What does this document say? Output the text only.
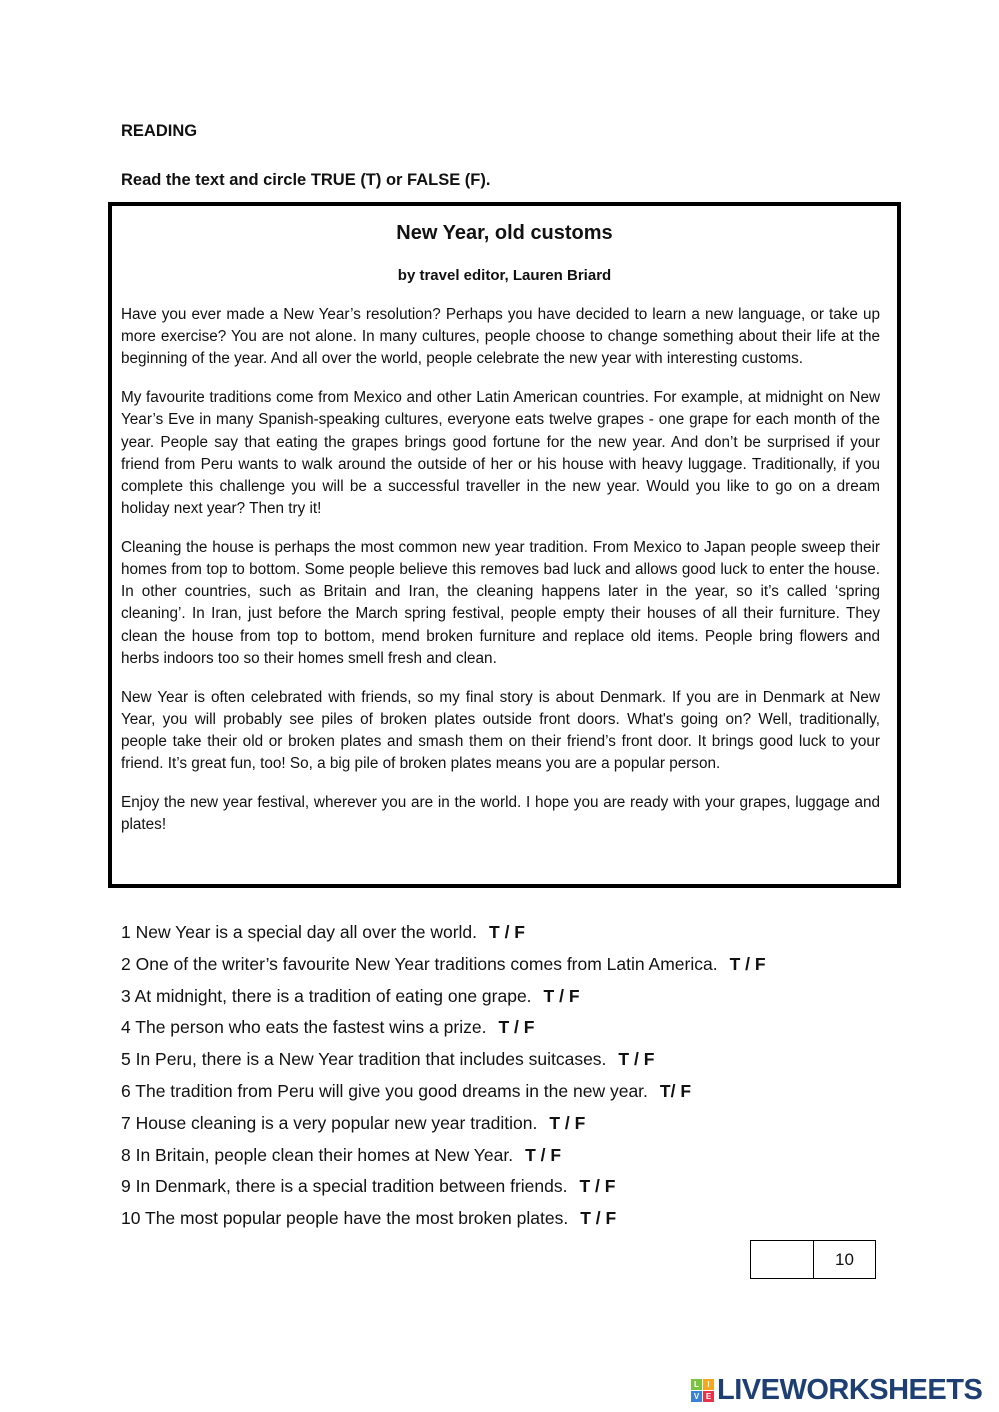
READING
Read the text and circle TRUE (T) or FALSE (F).
New Year, old customs
by travel editor, Lauren Briard

Have you ever made a New Year’s resolution? Perhaps you have decided to learn a new language, or take up more exercise? You are not alone. In many cultures, people choose to change something about their life at the beginning of the year. And all over the world, people celebrate the new year with interesting customs.

My favourite traditions come from Mexico and other Latin American countries. For example, at midnight on New Year’s Eve in many Spanish-speaking cultures, everyone eats twelve grapes - one grape for each month of the year. People say that eating the grapes brings good fortune for the new year. And don’t be surprised if your friend from Peru wants to walk around the outside of her or his house with heavy luggage. Traditionally, if you complete this challenge you will be a successful traveller in the new year. Would you like to go on a dream holiday next year? Then try it!

Cleaning the house is perhaps the most common new year tradition. From Mexico to Japan people sweep their homes from top to bottom. Some people believe this removes bad luck and allows good luck to enter the house. In other countries, such as Britain and Iran, the cleaning happens later in the year, so it’s called ‘spring cleaning’. In Iran, just before the March spring festival, people empty their houses of all their furniture. They clean the house from top to bottom, mend broken furniture and replace old items. People bring flowers and herbs indoors too so their homes smell fresh and clean.

New Year is often celebrated with friends, so my final story is about Denmark. If you are in Denmark at New Year, you will probably see piles of broken plates outside front doors. What's going on? Well, traditionally, people take their old or broken plates and smash them on their friend’s front door. It brings good luck to your friend. It’s great fun, too! So, a big pile of broken plates means you are a popular person.

Enjoy the new year festival, wherever you are in the world. I hope you are ready with your grapes, luggage and plates!

1 New Year is a special day all over the world. T / F
2 One of the writer’s favourite New Year traditions comes from Latin America. T / F
3 At midnight, there is a tradition of eating one grape. T / F
4 The person who eats the fastest wins a prize. T / F
5 In Peru, there is a New Year tradition that includes suitcases. T / F
6 The tradition from Peru will give you good dreams in the new year. T/ F
7 House cleaning is a very popular new year tradition. T / F
8 In Britain, people clean their homes at New Year. T / F
9 In Denmark, there is a special tradition between friends. T / F
10 The most popular people have the most broken plates. T / F
10
L	I
V E LIVEWORKSHEETS
